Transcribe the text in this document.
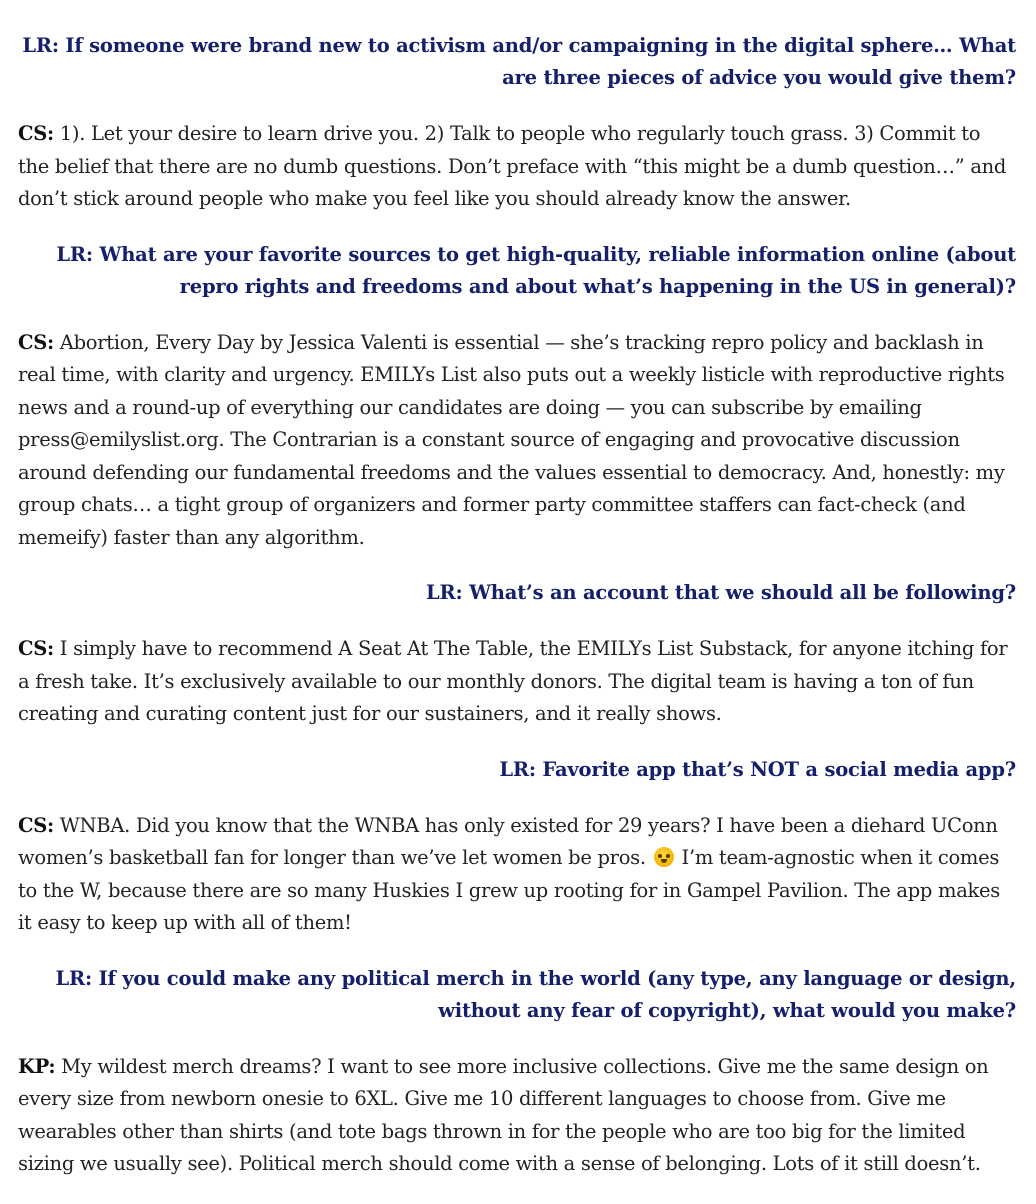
LR: If someone were brand new to activism and/or campaigning in the digital sphere… What are three pieces of advice you would give them?

CS: 1). Let your desire to learn drive you. 2) Talk to people who regularly touch grass. 3) Commit to the belief that there are no dumb questions. Don’t preface with “this might be a dumb question…” and don’t stick around people who make you feel like you should already know the answer.

LR: What are your favorite sources to get high-quality, reliable information online (about repro rights and freedoms and about what’s happening in the US in general)?

CS: Abortion, Every Day by Jessica Valenti is essential — she’s tracking repro policy and backlash in real time, with clarity and urgency. EMILYs List also puts out a weekly listicle with reproductive rights news and a round-up of everything our candidates are doing — you can subscribe by emailing press@emilyslist.org. The Contrarian is a constant source of engaging and provocative discussion around defending our fundamental freedoms and the values essential to democracy. And, honestly: my group chats… a tight group of organizers and former party committee staffers can fact-check (and memeify) faster than any algorithm.

LR: What’s an account that we should all be following?

CS: I simply have to recommend A Seat At The Table, the EMILYs List Substack, for anyone itching for a fresh take. It’s exclusively available to our monthly donors. The digital team is having a ton of fun creating and curating content just for our sustainers, and it really shows.

LR: Favorite app that’s NOT a social media app?

CS: WNBA. Did you know that the WNBA has only existed for 29 years? I have been a diehard UConn women’s basketball fan for longer than we’ve let women be pros.  I’m team-agnostic when it comes to the W, because there are so many Huskies I grew up rooting for in Gampel Pavilion. The app makes it easy to keep up with all of them!

LR: If you could make any political merch in the world (any type, any language or design, without any fear of copyright), what would you make?

KP: My wildest merch dreams? I want to see more inclusive collections. Give me the same design on every size from newborn onesie to 6XL. Give me 10 different languages to choose from. Give me wearables other than shirts (and tote bags thrown in for the people who are too big for the limited sizing we usually see). Political merch should come with a sense of belonging. Lots of it still doesn’t.
